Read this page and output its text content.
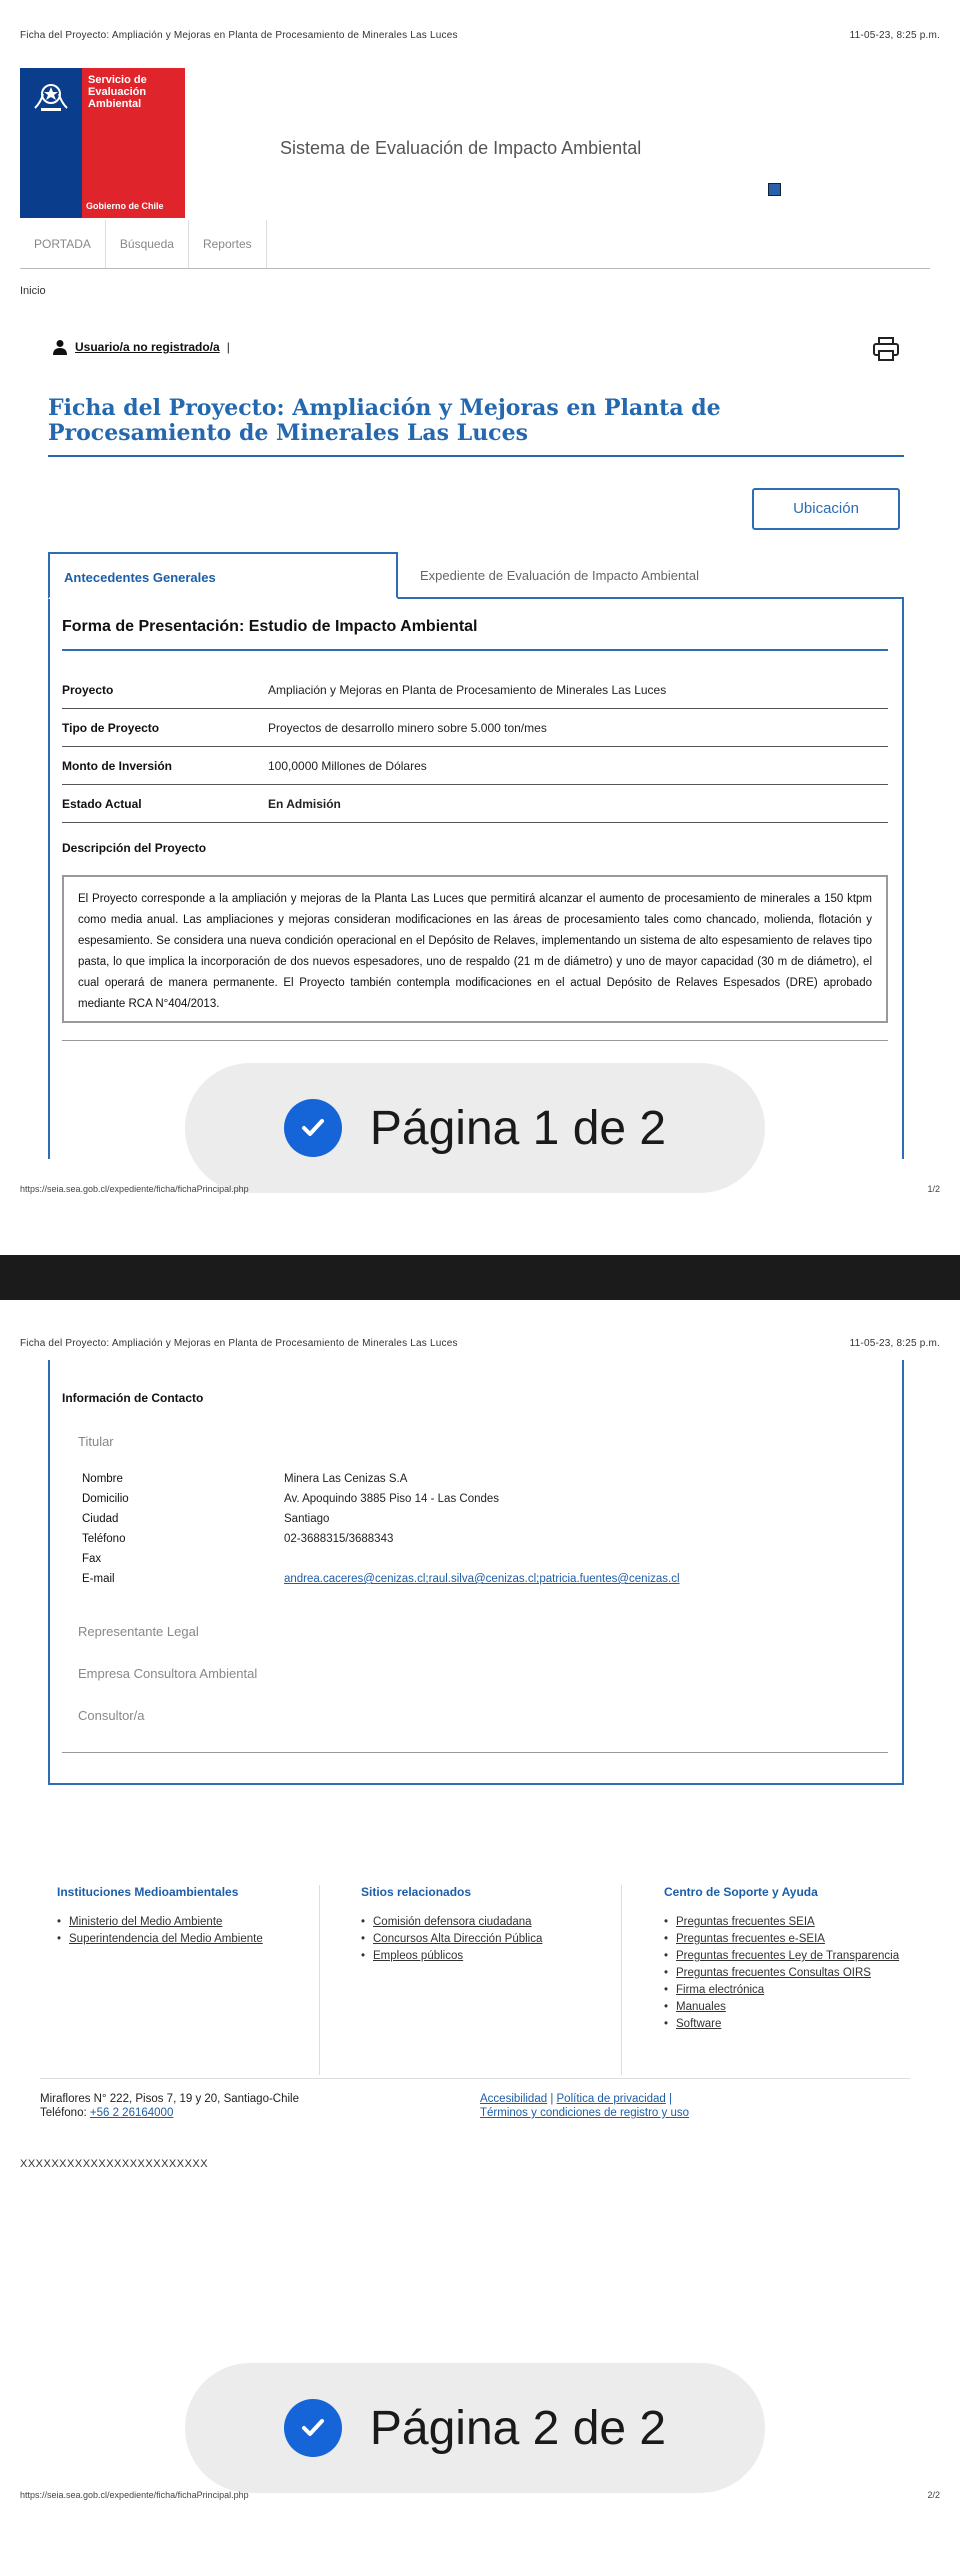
Ficha del Proyecto: Ampliación y Mejoras en Planta de Procesamiento de Minerales Las Luces	11-05-23, 8:25 p.m.
Servicio de Evaluación Ambiental
Gobierno de Chile
Sistema de Evaluación de Impacto Ambiental
PORTADA	Búsqueda	Reportes
Inicio
Usuario/a no registrado/a |
Ficha del Proyecto: Ampliación y Mejoras en Planta de Procesamiento de Minerales Las Luces
Ubicación
Antecedentes Generales	Expediente de Evaluación de Impacto Ambiental
Forma de Presentación: Estudio de Impacto Ambiental
Proyecto	Ampliación y Mejoras en Planta de Procesamiento de Minerales Las Luces
Tipo de Proyecto	Proyectos de desarrollo minero sobre 5.000 ton/mes
Monto de Inversión	100,0000 Millones de Dólares
Estado Actual	En Admisión
Descripción del Proyecto

El Proyecto corresponde a la ampliación y mejoras de la Planta Las Luces que permitirá alcanzar el aumento de procesamiento de minerales a 150 ktpm como media anual. Las ampliaciones y mejoras consideran modificaciones en las áreas de procesamiento tales como chancado, molienda, flotación y espesamiento. Se considera una nueva condición operacional en el Depósito de Relaves, implementando un sistema de alto espesamiento de relaves tipo pasta, lo que implica la incorporación de dos nuevos espesadores, uno de respaldo (21 m de diámetro) y uno de mayor capacidad (30 m de diámetro), el cual operará de manera permanente. El Proyecto también contempla modificaciones en el actual Depósito de Relaves Espesados (DRE) aprobado mediante RCA N°404/2013.

Página 1 de 2
https://seia.sea.gob.cl/expediente/ficha/fichaPrincipal.php	1/2
Ficha del Proyecto: Ampliación y Mejoras en Planta de Procesamiento de Minerales Las Luces	11-05-23, 8:25 p.m.
Información de Contacto
Titular
Nombre	Minera Las Cenizas S.A
Domicilio	Av. Apoquindo 3885 Piso 14 - Las Condes
Ciudad	Santiago
Teléfono	02-3688315/3688343
Fax
E-mail	andrea.caceres@cenizas.cl;raul.silva@cenizas.cl;patricia.fuentes@cenizas.cl
Representante Legal
Empresa Consultora Ambiental
Consultor/a
Instituciones Medioambientales
• Ministerio del Medio Ambiente
• Superintendencia del Medio Ambiente
Sitios relacionados
• Comisión defensora ciudadana
• Concursos Alta Dirección Pública
• Empleos públicos
Centro de Soporte y Ayuda
• Preguntas frecuentes SEIA
• Preguntas frecuentes e-SEIA
• Preguntas frecuentes Ley de Transparencia
• Preguntas frecuentes Consultas OIRS
• Firma electrónica
• Manuales
• Software
Miraflores N° 222, Pisos 7, 19 y 20, Santiago-Chile
Teléfono: +56 2 26164000
Accesibilidad | Política de privacidad |
Términos y condiciones de registro y uso
XXXXXXXXXXXXXXXXXXXXXXXX
Página 2 de 2
https://seia.sea.gob.cl/expediente/ficha/fichaPrincipal.php	2/2
